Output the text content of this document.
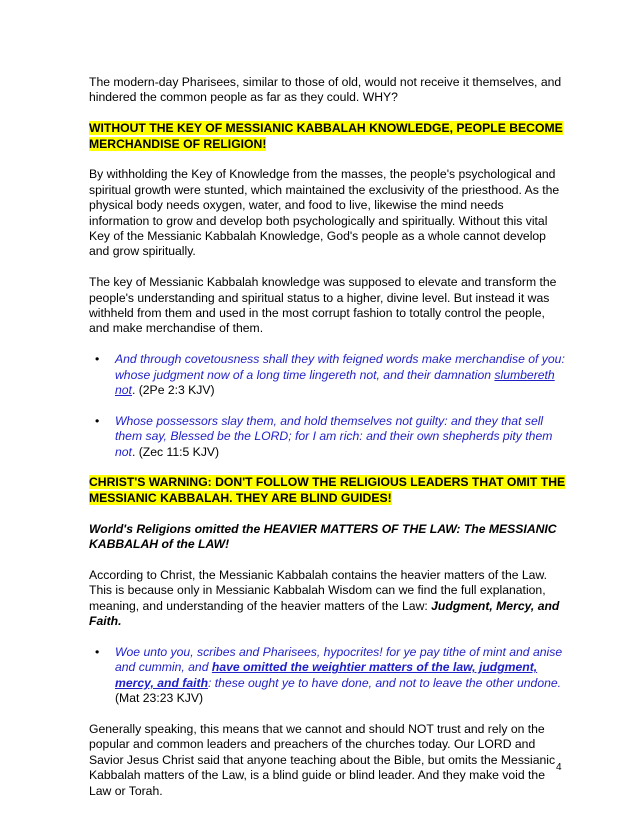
The modern-day Pharisees, similar to those of old, would not receive it themselves, and hindered the common people as far as they could. WHY?

WITHOUT THE KEY OF MESSIANIC KABBALAH KNOWLEDGE, PEOPLE BECOME MERCHANDISE OF RELIGION!

By withholding the Key of Knowledge from the masses, the people's psychological and spiritual growth were stunted, which maintained the exclusivity of the priesthood. As the physical body needs oxygen, water, and food to live, likewise the mind needs information to grow and develop both psychologically and spiritually. Without this vital Key of the Messianic Kabbalah Knowledge, God's people as a whole cannot develop and grow spiritually.

The key of Messianic Kabbalah knowledge was supposed to elevate and transform the people's understanding and spiritual status to a higher, divine level. But instead it was withheld from them and used in the most corrupt fashion to totally control the people, and make merchandise of them.

• And through covetousness shall they with feigned words make merchandise of you: whose judgment now of a long time lingereth not, and their damnation slumbereth not. (2Pe 2:3 KJV)
• Whose possessors slay them, and hold themselves not guilty: and they that sell them say, Blessed be the LORD; for I am rich: and their own shepherds pity them not. (Zec 11:5 KJV)

CHRIST'S WARNING: DON'T FOLLOW THE RELIGIOUS LEADERS THAT OMIT THE MESSIANIC KABBALAH. THEY ARE BLIND GUIDES!

World's Religions omitted the HEAVIER MATTERS OF THE LAW: The MESSIANIC KABBALAH of the LAW!

According to Christ, the Messianic Kabbalah contains the heavier matters of the Law. This is because only in Messianic Kabbalah Wisdom can we find the full explanation, meaning, and understanding of the heavier matters of the Law: Judgment, Mercy, and Faith.

• Woe unto you, scribes and Pharisees, hypocrites! for ye pay tithe of mint and anise and cummin, and have omitted the weightier matters of the law, judgment, mercy, and faith: these ought ye to have done, and not to leave the other undone. (Mat 23:23 KJV)

Generally speaking, this means that we cannot and should NOT trust and rely on the popular and common leaders and preachers of the churches today. Our LORD and Savior Jesus Christ said that anyone teaching about the Bible, but omits the Messianic Kabbalah matters of the Law, is a blind guide or blind leader. And they make void the Law or Torah.

4
